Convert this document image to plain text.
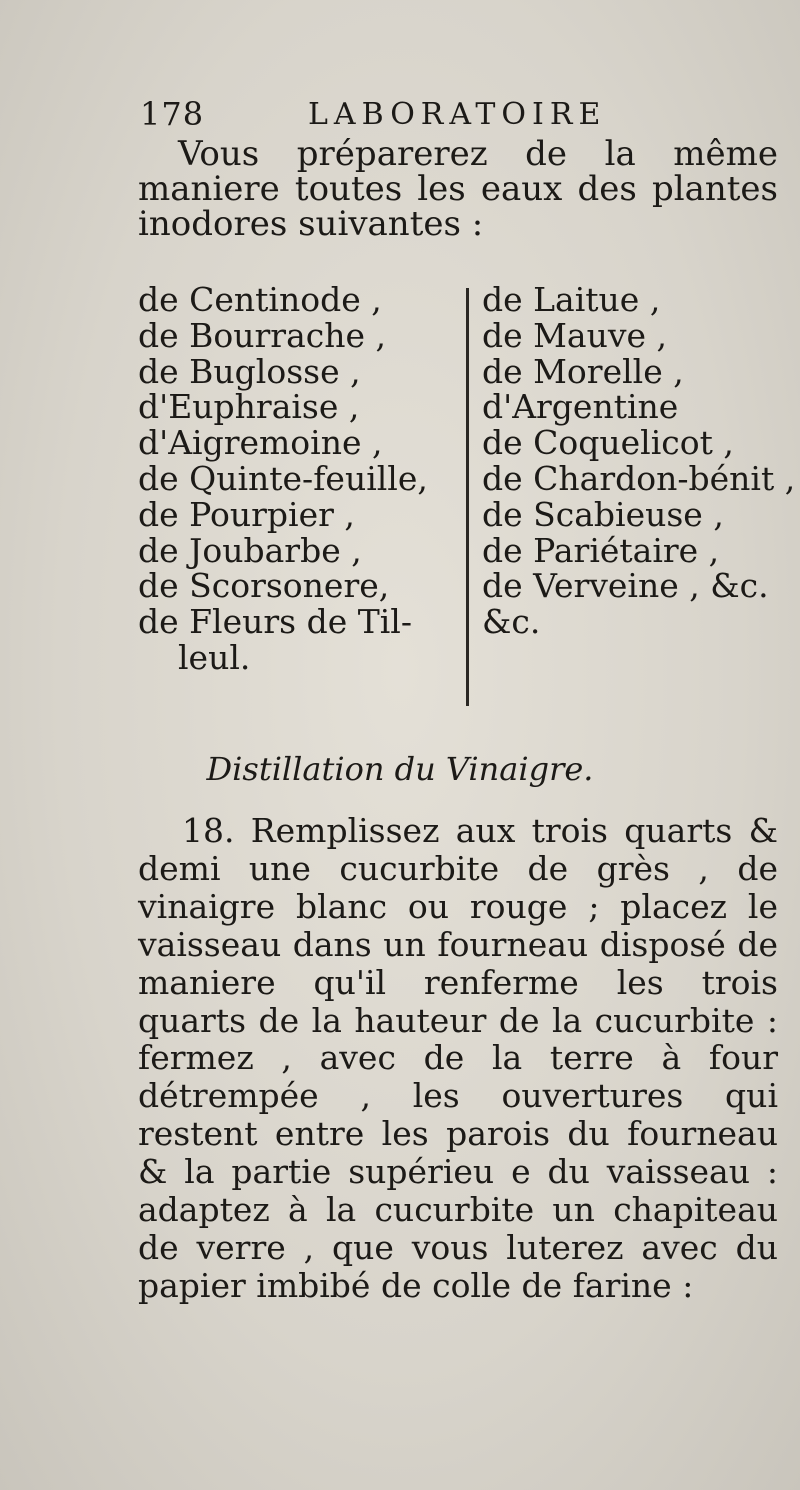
178	LABORATOIRE
Vous préparerez de la même maniere toutes les eaux des plantes inodores suivantes :
de Centinode ,
de Bourrache ,
de Buglosse ,
d'Euphraise ,
d'Aigremoine ,
de Quinte-feuille,
de Pourpier ,
de Joubarbe ,
de Scorsonere,
de Fleurs de Til-
leul.
de Laitue ,
de Mauve ,
de Morelle ,
d'Argentine
de Coquelicot ,
de Chardon-bénit ,
de Scabieuse ,
de Pariétaire ,
de Verveine , &c.
&c.
Distillation du Vinaigre.
18. Remplissez aux trois quarts & demi une cucurbite de grès , de vinaigre blanc ou rouge ; placez le vaisseau dans un fourneau disposé de maniere qu'il renferme les trois quarts de la hauteur de la cucurbite : fermez , avec de la terre à four détrempée , les ouvertures qui restent entre les parois du fourneau & la partie supérieu e du vaisseau : adaptez à la cucurbite un chapiteau de verre , que vous luterez avec du papier imbibé de colle de farine :
